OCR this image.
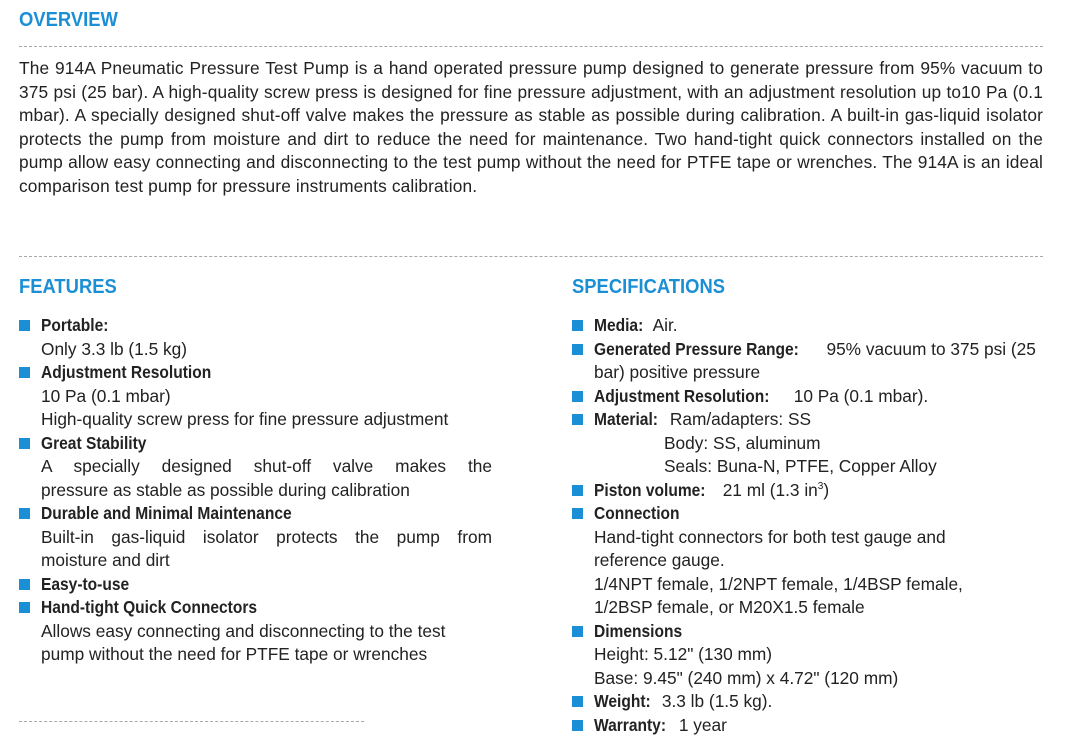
OVERVIEW

The 914A Pneumatic Pressure Test Pump is a hand operated pressure pump designed to generate pressure from 95% vacuum to 375 psi (25 bar). A high-quality screw press is designed for fine pressure adjustment, with an adjustment resolution up to10 Pa (0.1 mbar). A specially designed shut-off valve makes the pressure as stable as possible during calibration. A built-in gas-liquid isolator protects the pump from moisture and dirt to reduce the need for maintenance. Two hand-tight quick connectors installed on the pump allow easy connecting and disconnecting to the test pump without the need for PTFE tape or wrenches. The 914A is an ideal comparison test pump for pressure instruments calibration.

FEATURES
Portable:
Only 3.3 lb (1.5 kg)
Adjustment Resolution
10 Pa (0.1 mbar)
High-quality screw press for fine pressure adjustment
Great Stability
A specially designed shut-off valve makes the
pressure as stable as possible during calibration
Durable and Minimal Maintenance
Built-in gas-liquid isolator protects the pump from
moisture and dirt
Easy-to-use
Hand-tight Quick Connectors
Allows easy connecting and disconnecting to the test
pump without the need for PTFE tape or wrenches
SPECIFICATIONS
Media: Air.
Generated Pressure Range: 95% vacuum to 375 psi (25
bar) positive pressure
Adjustment Resolution: 10 Pa (0.1 mbar).
Material: Ram/adapters: SS
Body: SS, aluminum
Seals: Buna-N, PTFE, Copper Alloy
Piston volume: 21 ml (1.3 $in^3$)
Connection
Hand-tight connectors for both test gauge and
reference gauge.
1/4NPT female, 1/2NPT female, 1/4BSP female,
1/2BSP female, or M20X1.5 female
Dimensions
Height: 5.12" (130 mm)
Base: 9.45" (240 mm) x 4.72" (120 mm)
Weight: 3.3 lb (1.5 kg).
Warranty: 1 year
